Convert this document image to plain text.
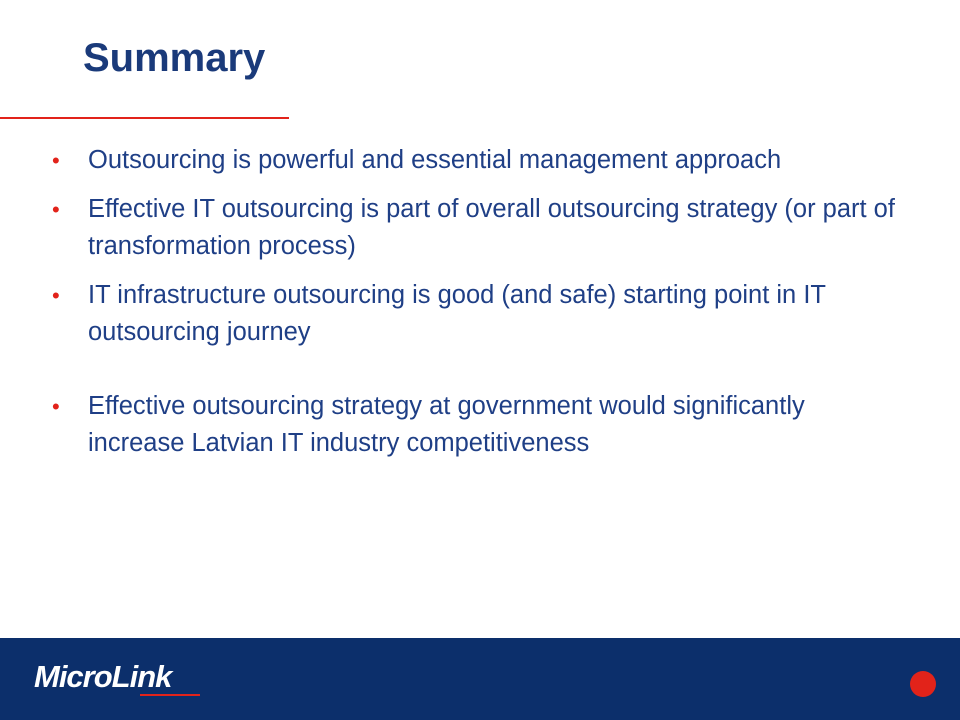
Summary
• Outsourcing is powerful and essential management approach
• Effective IT outsourcing is part of overall outsourcing strategy (or part of transformation process)
• IT infrastructure outsourcing is good (and safe) starting point in IT outsourcing journey
• Effective outsourcing strategy at government would significantly increase Latvian IT industry competitiveness
MicroLink
